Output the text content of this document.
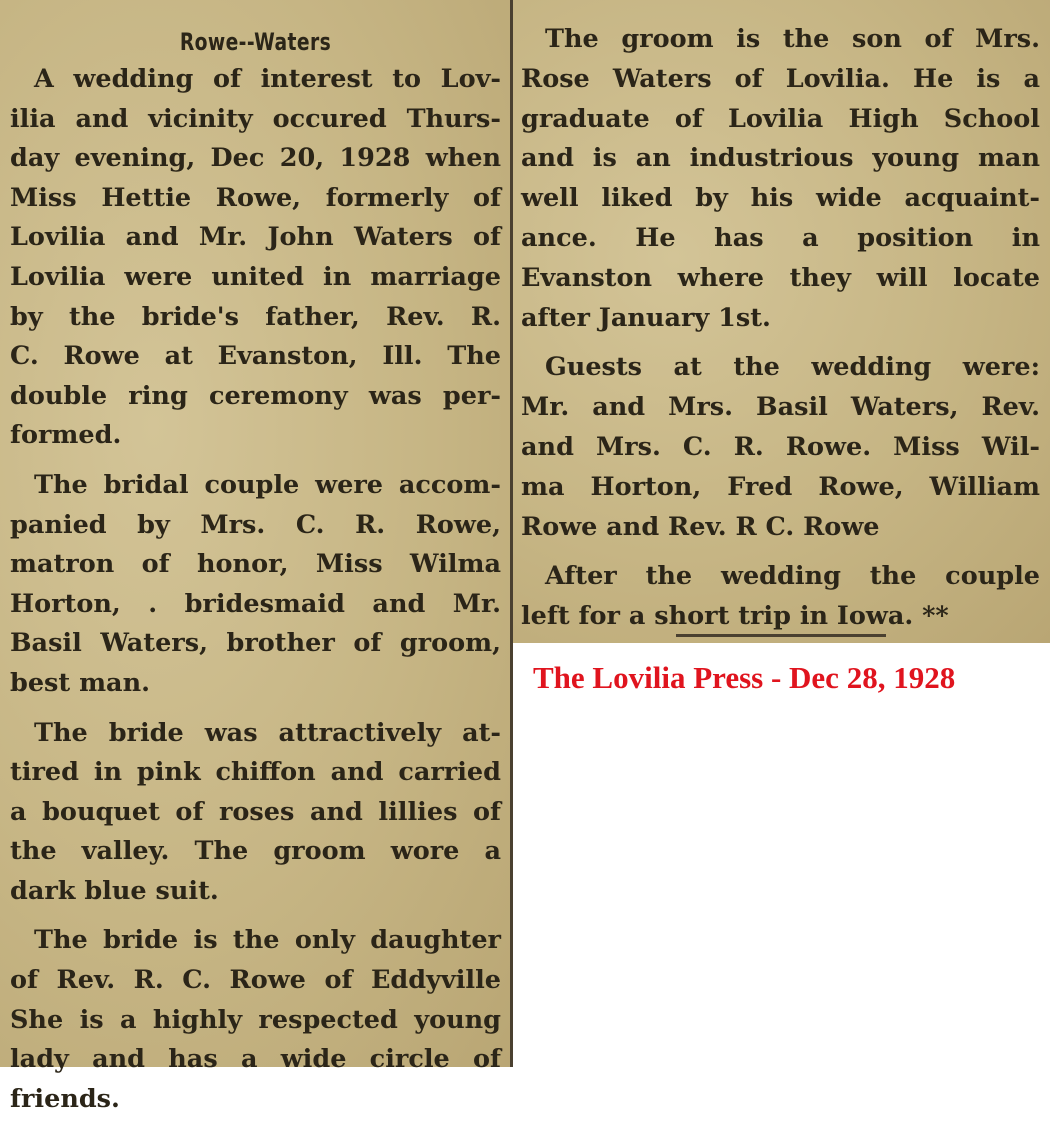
Rowe--Waters
A wedding of interest to Lov-
ilia and vicinity occured Thurs-
day evening, Dec 20, 1928 when
Miss Hettie Rowe, formerly of
Lovilia and Mr. John Waters of
Lovilia were united in marriage
by the bride's father, Rev. R.
C. Rowe at Evanston, Ill. The
double ring ceremony was per-
formed.
The bridal couple were accom-
panied by Mrs. C. R. Rowe,
matron of honor, Miss Wilma
Horton, . bridesmaid and Mr.
Basil Waters, brother of groom,
best man.
The bride was attractively at-
tired in pink chiffon and carried
a bouquet of roses and lillies of
the valley. The groom wore a
dark blue suit.
The bride is the only daughter
of Rev. R. C. Rowe of Eddyville
She is a highly respected young
lady and has a wide circle of
friends.
The groom is the son of Mrs.
Rose Waters of Lovilia. He is a
graduate of Lovilia High School
and is an industrious young man
well liked by his wide acquaint-
ance. He has a position in
Evanston where they will locate
after January 1st.
Guests at the wedding were:
Mr. and Mrs. Basil Waters, Rev.
and Mrs. C. R. Rowe. Miss Wil-
ma Horton, Fred Rowe, William
Rowe and Rev. R C. Rowe
After the wedding the couple
left for a short trip in Iowa. **
The Lovilia Press - Dec 28, 1928
